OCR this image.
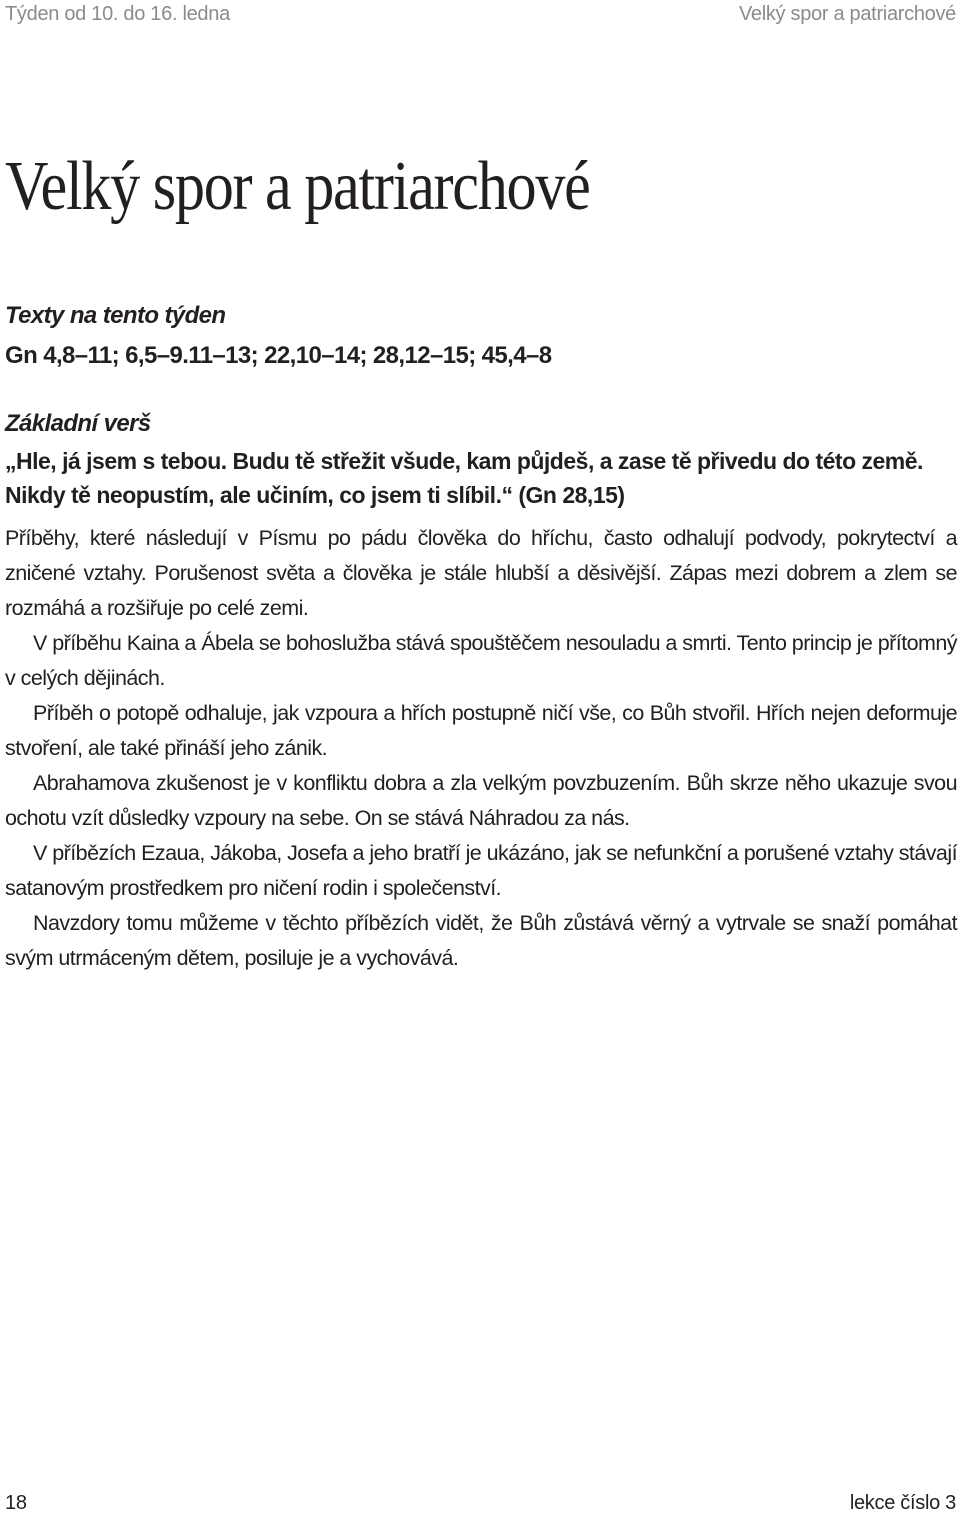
Týden od 10. do 16. ledna	Velký spor a patriarchové
Velký spor a patriarchové

Texty na tento týden

Gn 4,8–11; 6,5–9.11–13; 22,10–14; 28,12–15; 45,4–8

Základní verš

„Hle, já jsem s tebou. Budu tě střežit všude, kam půjdeš, a zase tě přivedu do této země. Nikdy tě neopustím, ale učiním, co jsem ti slíbil.“ (Gn 28,15)

Příběhy, které následují v Písmu po pádu člověka do hříchu, často odhalují podvody, pokrytectví a zničené vztahy. Porušenost světa a člověka je stále hlubší a děsivější. Zápas mezi dobrem a zlem se rozmáhá a rozšiřuje po celé zemi.

V příběhu Kaina a Ábela se bohoslužba stává spouštěčem nesouladu a smrti. Tento princip je přítomný v celých dějinách.

Příběh o potopě odhaluje, jak vzpoura a hřích postupně ničí vše, co Bůh stvořil. Hřích nejen deformuje stvoření, ale také přináší jeho zánik.

Abrahamova zkušenost je v konfliktu dobra a zla velkým povzbuzením. Bůh skrze něho ukazuje svou ochotu vzít důsledky vzpoury na sebe. On se stává Náhradou za nás.

V příbězích Ezaua, Jákoba, Josefa a jeho bratří je ukázáno, jak se nefunkční a porušené vztahy stávají satanovým prostředkem pro ničení rodin i společenství.

Navzdory tomu můžeme v těchto příbězích vidět, že Bůh zůstává věrný a vytrvale se snaží pomáhat svým utrmáceným dětem, posiluje je a vychovává.

18	lekce číslo 3
